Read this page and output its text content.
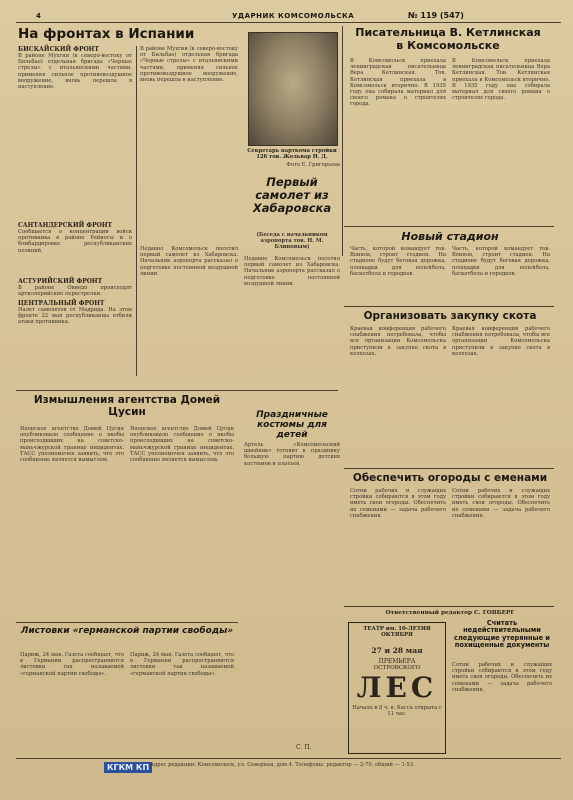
4	УДАРНИК КОМСОМОЛЬСКА	№ 119 (547)
На фронтах в Испании
БИСКАЙСКИЙ ФРОНТ
В районе Мухгии (к северо-востоку от Бильбао) отдельная бригада «Черные стрелы» с итальянскими частями, применяя сильное противовоздушное вооружение, вновь перешла в наступление.
САНТАНДЕРСКИЙ ФРОНТ
Сообщается о концентрации войск противника в районе Рейносы и о бомбардировке республиканских позиций.
АСТУРИЙСКИЙ ФРОНТ
В районе Овиедо происходят артиллерийские перестрелки.
ЦЕНТРАЛЬНЫЙ ФРОНТ
Налет самолетов от Мадрида. На этом фронте 22 мая республиканцы отбили атаки противника.
В районе Мухгии (к северо-востоку от Бильбао) отдельная бригада «Черные стрелы» с итальянскими частями, применяя сильное противовоздушное вооружение, вновь перешла в наступление.
Секретарь парткома стройки 126 тов. Жольвар Н. Д.
Фото Е. Григорьева
Писательница В. Кетлинская в Комсомольске
В Комсомольск приехала ленинградская писательница Вера Кетлинская. Тов. Кетлинская приехала в Комсомольск вторично. В 1935 году она собирала материал для своего романа о строителях города.
В Комсомольск приехала ленинградская писательница Вера Кетлинская. Тов. Кетлинская приехала в Комсомольск вторично. В 1935 году она собирала материал для своего романа о строителях города.
Первый самолет из Хабаровска
(Беседа с начальником аэропорта тов. Н. М. Блиновым)
Недавно Комсомольск посетил первый самолет из Хабаровска. Начальник аэропорта рассказал о подготовке постоянной воздушной линии.
Недавно Комсомольск посетил первый самолет из Хабаровска. Начальник аэропорта рассказал о подготовке постоянной воздушной линии.
Новый стадион
Часть, которой командует тов. Воинов, строит стадион. На стадионе будут беговая дорожка, площадки для волейбола, баскетбола и городков.
Часть, которой командует тов. Воинов, строит стадион. На стадионе будут беговая дорожка, площадки для волейбола, баскетбола и городков.
Организовать закупку скота
Краевая конференция рабочего снабжения потребовала, чтобы все организации Комсомольска приступили к закупке скота в колхозах.
Краевая конференция рабочего снабжения потребовала, чтобы все организации Комсомольска приступили к закупке скота в колхозах.
Измышления агентства Домей Цусин
Японское агентство Домей Цусин опубликовало сообщение о якобы происходивших на советско-маньчжурской границе инцидентах. ТАСС уполномочен заявить, что это сообщение является вымыслом.
Японское агентство Домей Цусин опубликовало сообщение о якобы происходивших на советско-маньчжурской границе инцидентах. ТАСС уполномочен заявить, что это сообщение является вымыслом.
Праздничные костюмы для детей
Артель «Комсомольский швейник» готовит к празднику большую партию детских костюмов и платьев.
Обеспечить огороды с еменами
Сотни рабочих и служащих стройки собираются в этом году иметь свои огороды. Обеспечить их семенами — задача рабочего снабжения.
Сотни рабочих и служащих стройки собираются в этом году иметь свои огороды. Обеспечить их семенами — задача рабочего снабжения.
Ответственный редактор С. ГОВБЕРГ
ТЕАТР им. 10-ЛЕТИЯ ОКТЯБРЯ
27 и 28 мая
ПРЕМЬЕРА
ОСТРОВСКОГО
ЛЕС
Начало в 8 ч. в. Касса открыта с 11 час.
Считать недействительными следующие утерянные и похищенные документы
Сотни рабочих и служащих стройки собираются в этом году иметь свои огороды. Обеспечить их семенами — задача рабочего снабжения.
Листовки «германской партии свободы»
Париж, 24 мая. Газета сообщает, что в Германии распространяются листовки так называемой «германской партии свободы».
Париж, 24 мая. Газета сообщает, что в Германии распространяются листовки так называемой «германской партии свободы».
КГКМ КП Адрес редакции: Комсомольск, ул. Северная, дом 4. Телефоны: редактор — 2-79, общий — 1-53.
С. П.
